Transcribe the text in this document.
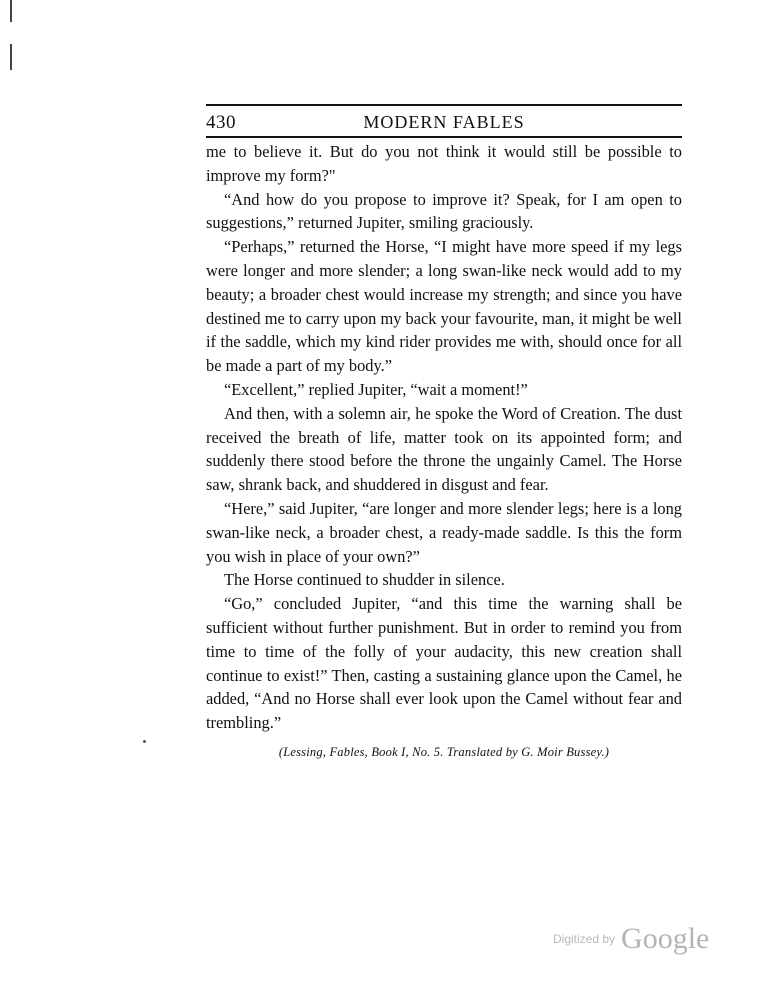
430	MODERN FABLES

me to believe it. But do you not think it would still be possible to improve my form?"

“And how do you propose to improve it? Speak, for I am open to suggestions,” returned Jupiter, smiling graciously.

“Perhaps,” returned the Horse, “I might have more speed if my legs were longer and more slender; a long swan-like neck would add to my beauty; a broader chest would increase my strength; and since you have destined me to carry upon my back your favourite, man, it might be well if the saddle, which my kind rider provides me with, should once for all be made a part of my body.”

“Excellent,” replied Jupiter, “wait a moment!”

And then, with a solemn air, he spoke the Word of Creation. The dust received the breath of life, matter took on its appointed form; and suddenly there stood before the throne the ungainly Camel. The Horse saw, shrank back, and shuddered in disgust and fear.

“Here,” said Jupiter, “are longer and more slender legs; here is a long swan-like neck, a broader chest, a ready-made saddle. Is this the form you wish in place of your own?”

The Horse continued to shudder in silence.

“Go,” concluded Jupiter, “and this time the warning shall be sufficient without further punishment. But in order to remind you from time to time of the folly of your audacity, this new creation shall continue to exist!” Then, casting a sustaining glance upon the Camel, he added, “And no Horse shall ever look upon the Camel without fear and trembling.”

(Lessing, Fables, Book I, No. 5. Translated by G. Moir Bussey.)
Digitized by Google
